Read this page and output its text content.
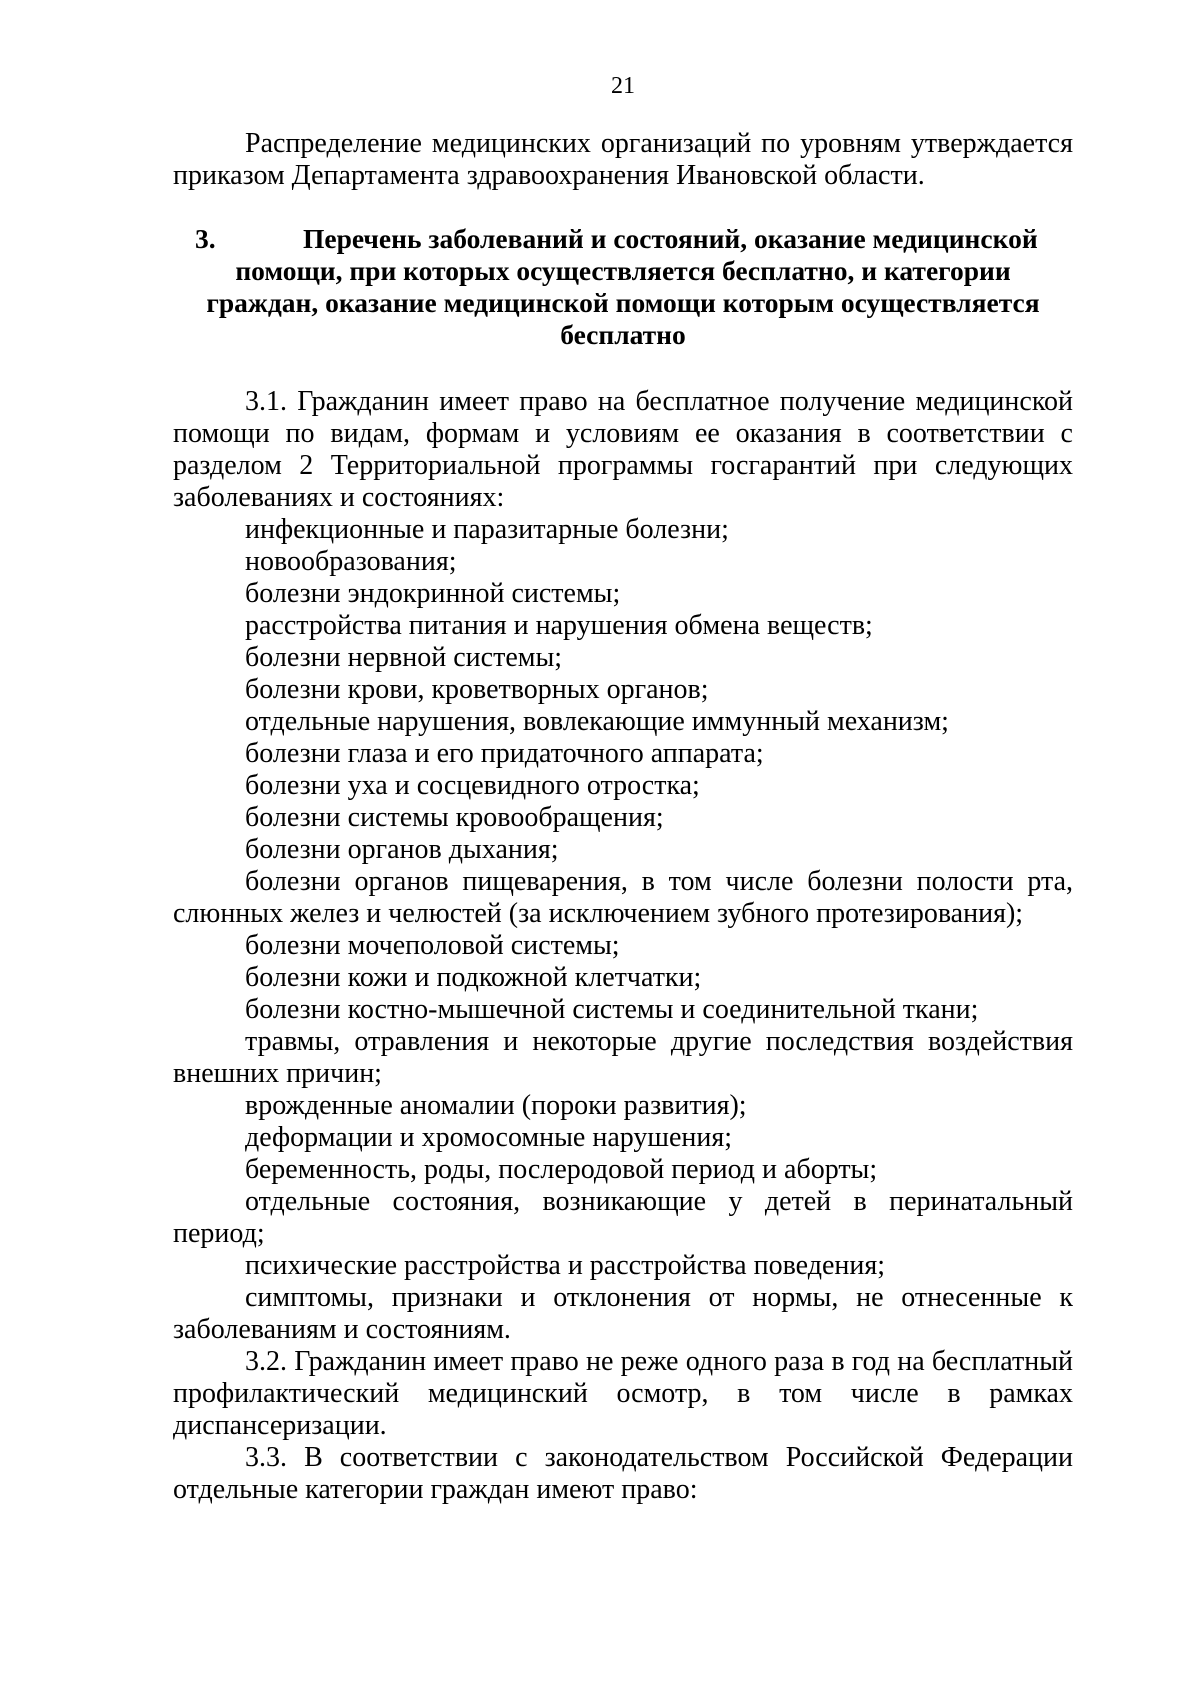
21

Распределение медицинских организаций по уровням утверждается приказом Департамента здравоохранения Ивановской области.

3.	Перечень заболеваний и состояний, оказание медицинской
помощи, при которых осуществляется бесплатно, и категории
граждан, оказание медицинской помощи которым осуществляется
бесплатно

3.1. Гражданин имеет право на бесплатное получение медицинской помощи по видам, формам и условиям ее оказания в соответствии с разделом 2 Территориальной программы госгарантий при следующих заболеваниях и состояниях:

инфекционные и паразитарные болезни;

новообразования;

болезни эндокринной системы;

расстройства питания и нарушения обмена веществ;

болезни нервной системы;

болезни крови, кроветворных органов;

отдельные нарушения, вовлекающие иммунный механизм;

болезни глаза и его придаточного аппарата;

болезни уха и сосцевидного отростка;

болезни системы кровообращения;

болезни органов дыхания;

болезни органов пищеварения, в том числе болезни полости рта, слюнных желез и челюстей (за исключением зубного протезирования);

болезни мочеполовой системы;

болезни кожи и подкожной клетчатки;

болезни костно-мышечной системы и соединительной ткани;

травмы, отравления и некоторые другие последствия воздействия внешних причин;

врожденные аномалии (пороки развития);

деформации и хромосомные нарушения;

беременность, роды, послеродовой период и аборты;

отдельные состояния, возникающие у детей в перинатальный период;

психические расстройства и расстройства поведения;

симптомы, признаки и отклонения от нормы, не отнесенные к заболеваниям и состояниям.

3.2. Гражданин имеет право не реже одного раза в год на бесплатный профилактический медицинский осмотр, в том числе в рамках диспансеризации.

3.3. В соответствии с законодательством Российской Федерации отдельные категории граждан имеют право:
